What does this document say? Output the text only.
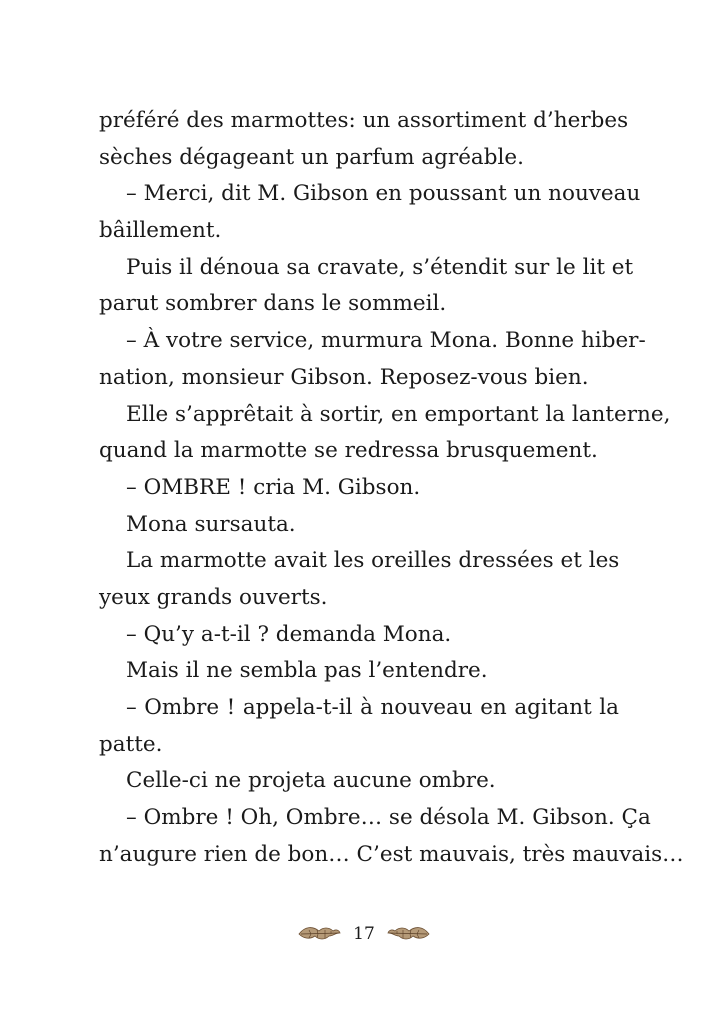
préféré des marmottes: un assortiment d’herbes
sèches dégageant un parfum agréable.
– Merci, dit M. Gibson en poussant un nouveau
bâillement.
Puis il dénoua sa cravate, s’étendit sur le lit et
parut sombrer dans le sommeil.
– À votre service, murmura Mona. Bonne hiber-
nation, monsieur Gibson. Reposez-vous bien.
Elle s’apprêtait à sortir, en emportant la lanterne,
quand la marmotte se redressa brusquement.
– OMBRE ! cria M. Gibson.
Mona sursauta.
La marmotte avait les oreilles dressées et les
yeux grands ouverts.
– Qu’y a-t-il ? demanda Mona.
Mais il ne sembla pas l’entendre.
– Ombre ! appela-t-il à nouveau en agitant la
patte.
Celle-ci ne projeta aucune ombre.
– Ombre ! Oh, Ombre… se désola M. Gibson. Ça
n’augure rien de bon… C’est mauvais, très mauvais…
17
